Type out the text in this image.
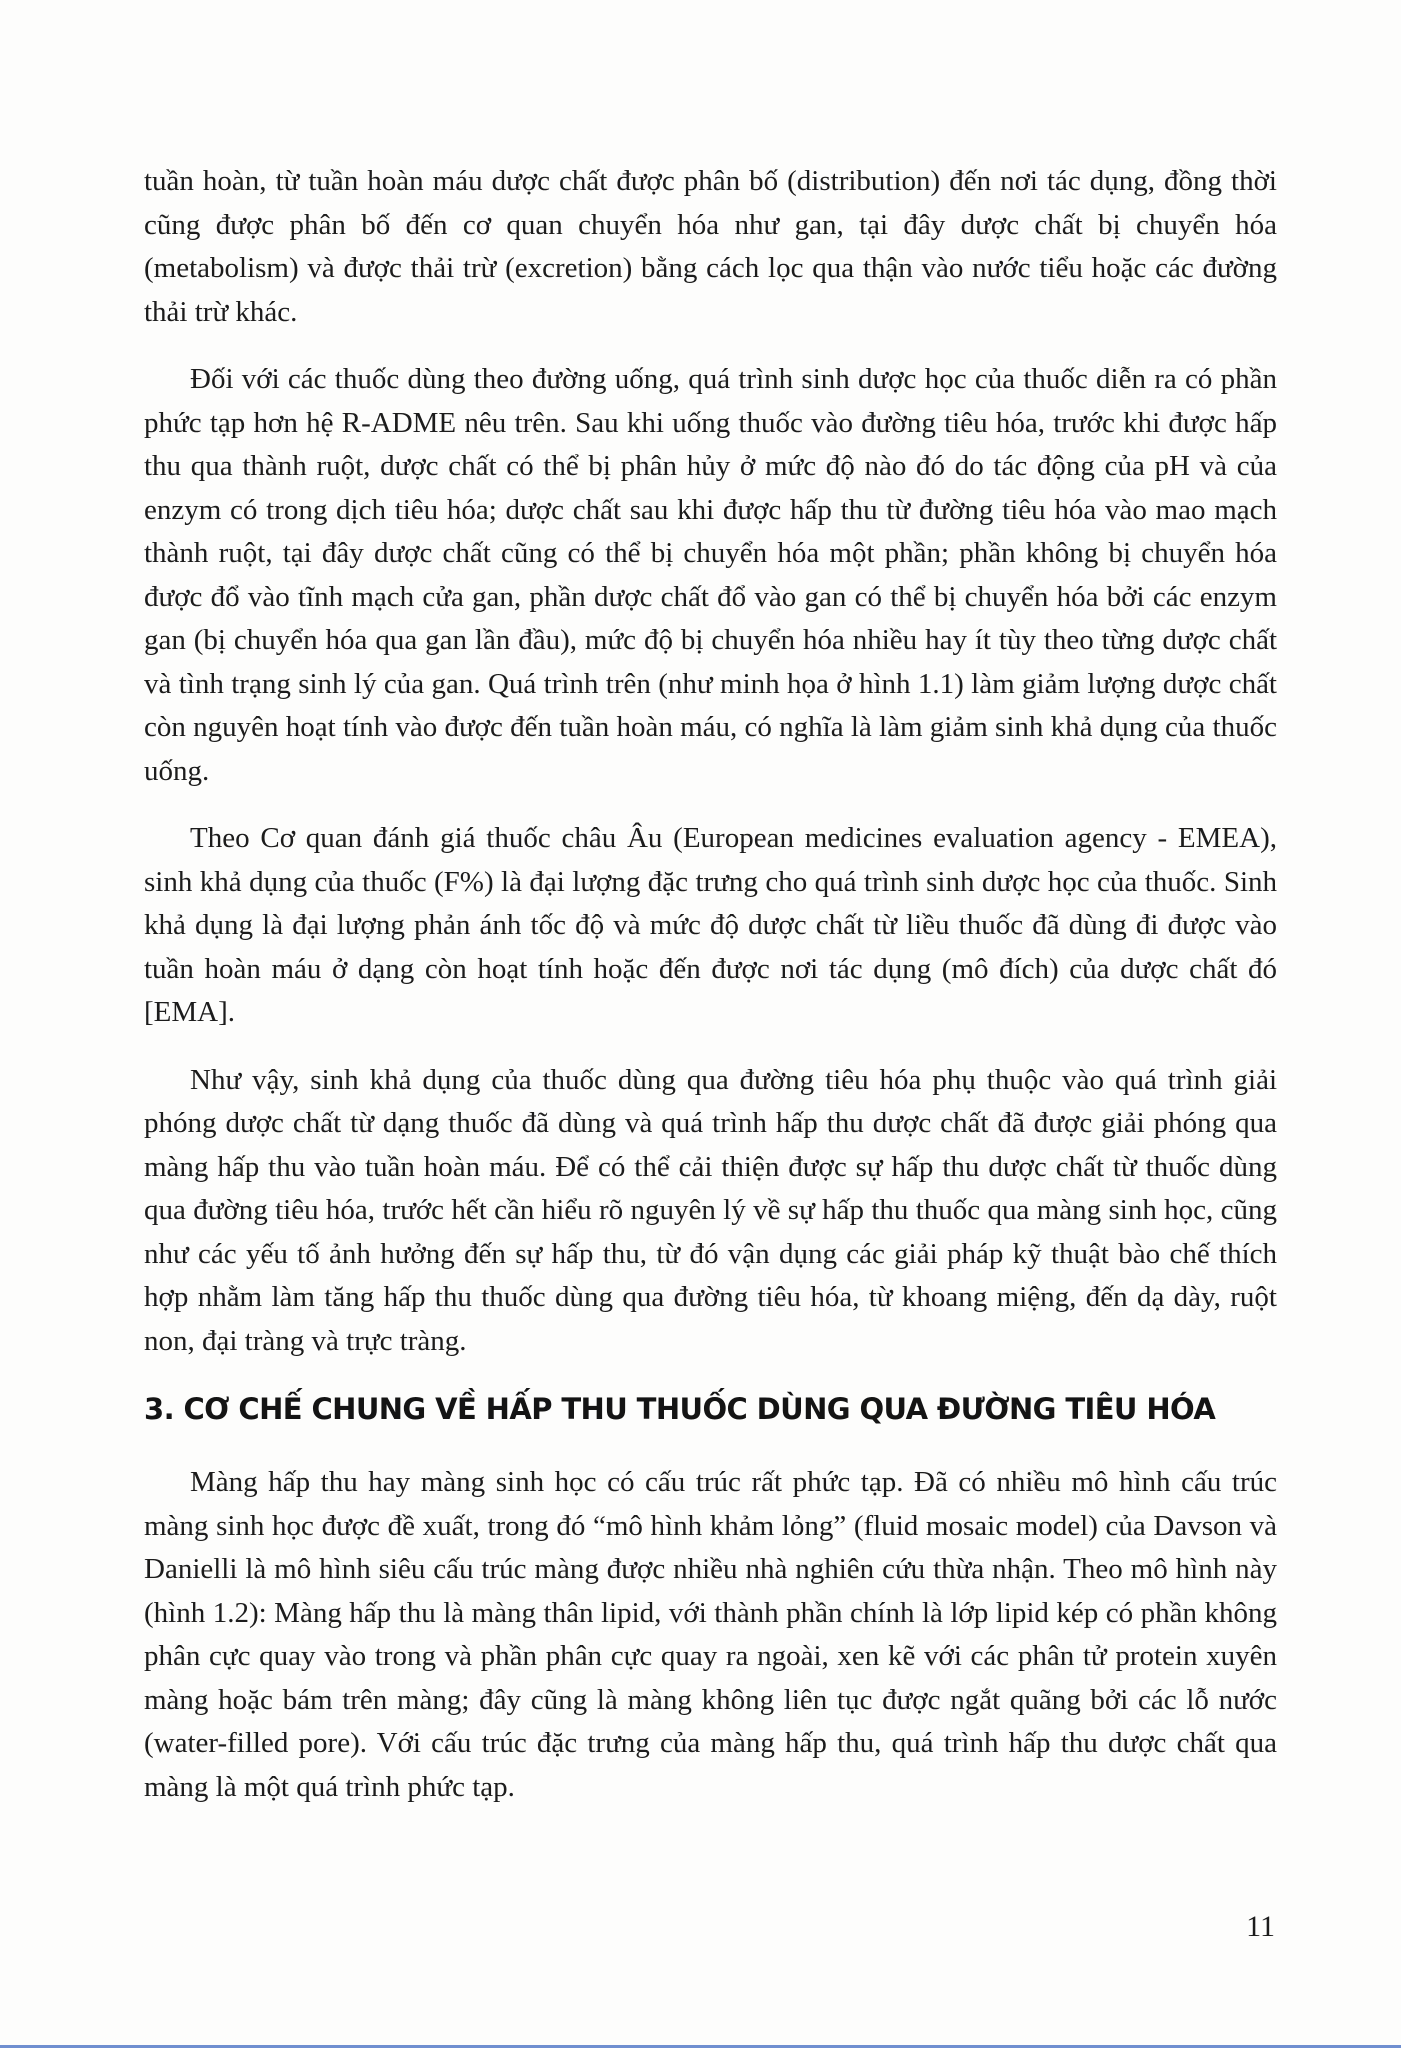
tuần hoàn, từ tuần hoàn máu dược chất được phân bố (distribution) đến nơi tác dụng, đồng thời cũng được phân bố đến cơ quan chuyển hóa như gan, tại đây dược chất bị chuyển hóa (metabolism) và được thải trừ (excretion) bằng cách lọc qua thận vào nước tiểu hoặc các đường thải trừ khác.

Đối với các thuốc dùng theo đường uống, quá trình sinh dược học của thuốc diễn ra có phần phức tạp hơn hệ R-ADME nêu trên. Sau khi uống thuốc vào đường tiêu hóa, trước khi được hấp thu qua thành ruột, dược chất có thể bị phân hủy ở mức độ nào đó do tác động của pH và của enzym có trong dịch tiêu hóa; dược chất sau khi được hấp thu từ đường tiêu hóa vào mao mạch thành ruột, tại đây dược chất cũng có thể bị chuyển hóa một phần; phần không bị chuyển hóa được đổ vào tĩnh mạch cửa gan, phần dược chất đổ vào gan có thể bị chuyển hóa bởi các enzym gan (bị chuyển hóa qua gan lần đầu), mức độ bị chuyển hóa nhiều hay ít tùy theo từng dược chất và tình trạng sinh lý của gan. Quá trình trên (như minh họa ở hình 1.1) làm giảm lượng dược chất còn nguyên hoạt tính vào được đến tuần hoàn máu, có nghĩa là làm giảm sinh khả dụng của thuốc uống.

Theo Cơ quan đánh giá thuốc châu Âu (European medicines evaluation agency - EMEA), sinh khả dụng của thuốc (F%) là đại lượng đặc trưng cho quá trình sinh dược học của thuốc. Sinh khả dụng là đại lượng phản ánh tốc độ và mức độ dược chất từ liều thuốc đã dùng đi được vào tuần hoàn máu ở dạng còn hoạt tính hoặc đến được nơi tác dụng (mô đích) của dược chất đó [EMA].

Như vậy, sinh khả dụng của thuốc dùng qua đường tiêu hóa phụ thuộc vào quá trình giải phóng dược chất từ dạng thuốc đã dùng và quá trình hấp thu dược chất đã được giải phóng qua màng hấp thu vào tuần hoàn máu. Để có thể cải thiện được sự hấp thu dược chất từ thuốc dùng qua đường tiêu hóa, trước hết cần hiểu rõ nguyên lý về sự hấp thu thuốc qua màng sinh học, cũng như các yếu tố ảnh hưởng đến sự hấp thu, từ đó vận dụng các giải pháp kỹ thuật bào chế thích hợp nhằm làm tăng hấp thu thuốc dùng qua đường tiêu hóa, từ khoang miệng, đến dạ dày, ruột non, đại tràng và trực tràng.

3. CƠ CHẾ CHUNG VỀ HẤP THU THUỐC DÙNG QUA ĐƯỜNG TIÊU HÓA

Màng hấp thu hay màng sinh học có cấu trúc rất phức tạp. Đã có nhiều mô hình cấu trúc màng sinh học được đề xuất, trong đó “mô hình khảm lỏng” (fluid mosaic model) của Davson và Danielli là mô hình siêu cấu trúc màng được nhiều nhà nghiên cứu thừa nhận. Theo mô hình này (hình 1.2): Màng hấp thu là màng thân lipid, với thành phần chính là lớp lipid kép có phần không phân cực quay vào trong và phần phân cực quay ra ngoài, xen kẽ với các phân tử protein xuyên màng hoặc bám trên màng; đây cũng là màng không liên tục được ngắt quãng bởi các lỗ nước (water-filled pore). Với cấu trúc đặc trưng của màng hấp thu, quá trình hấp thu dược chất qua màng là một quá trình phức tạp.

11
